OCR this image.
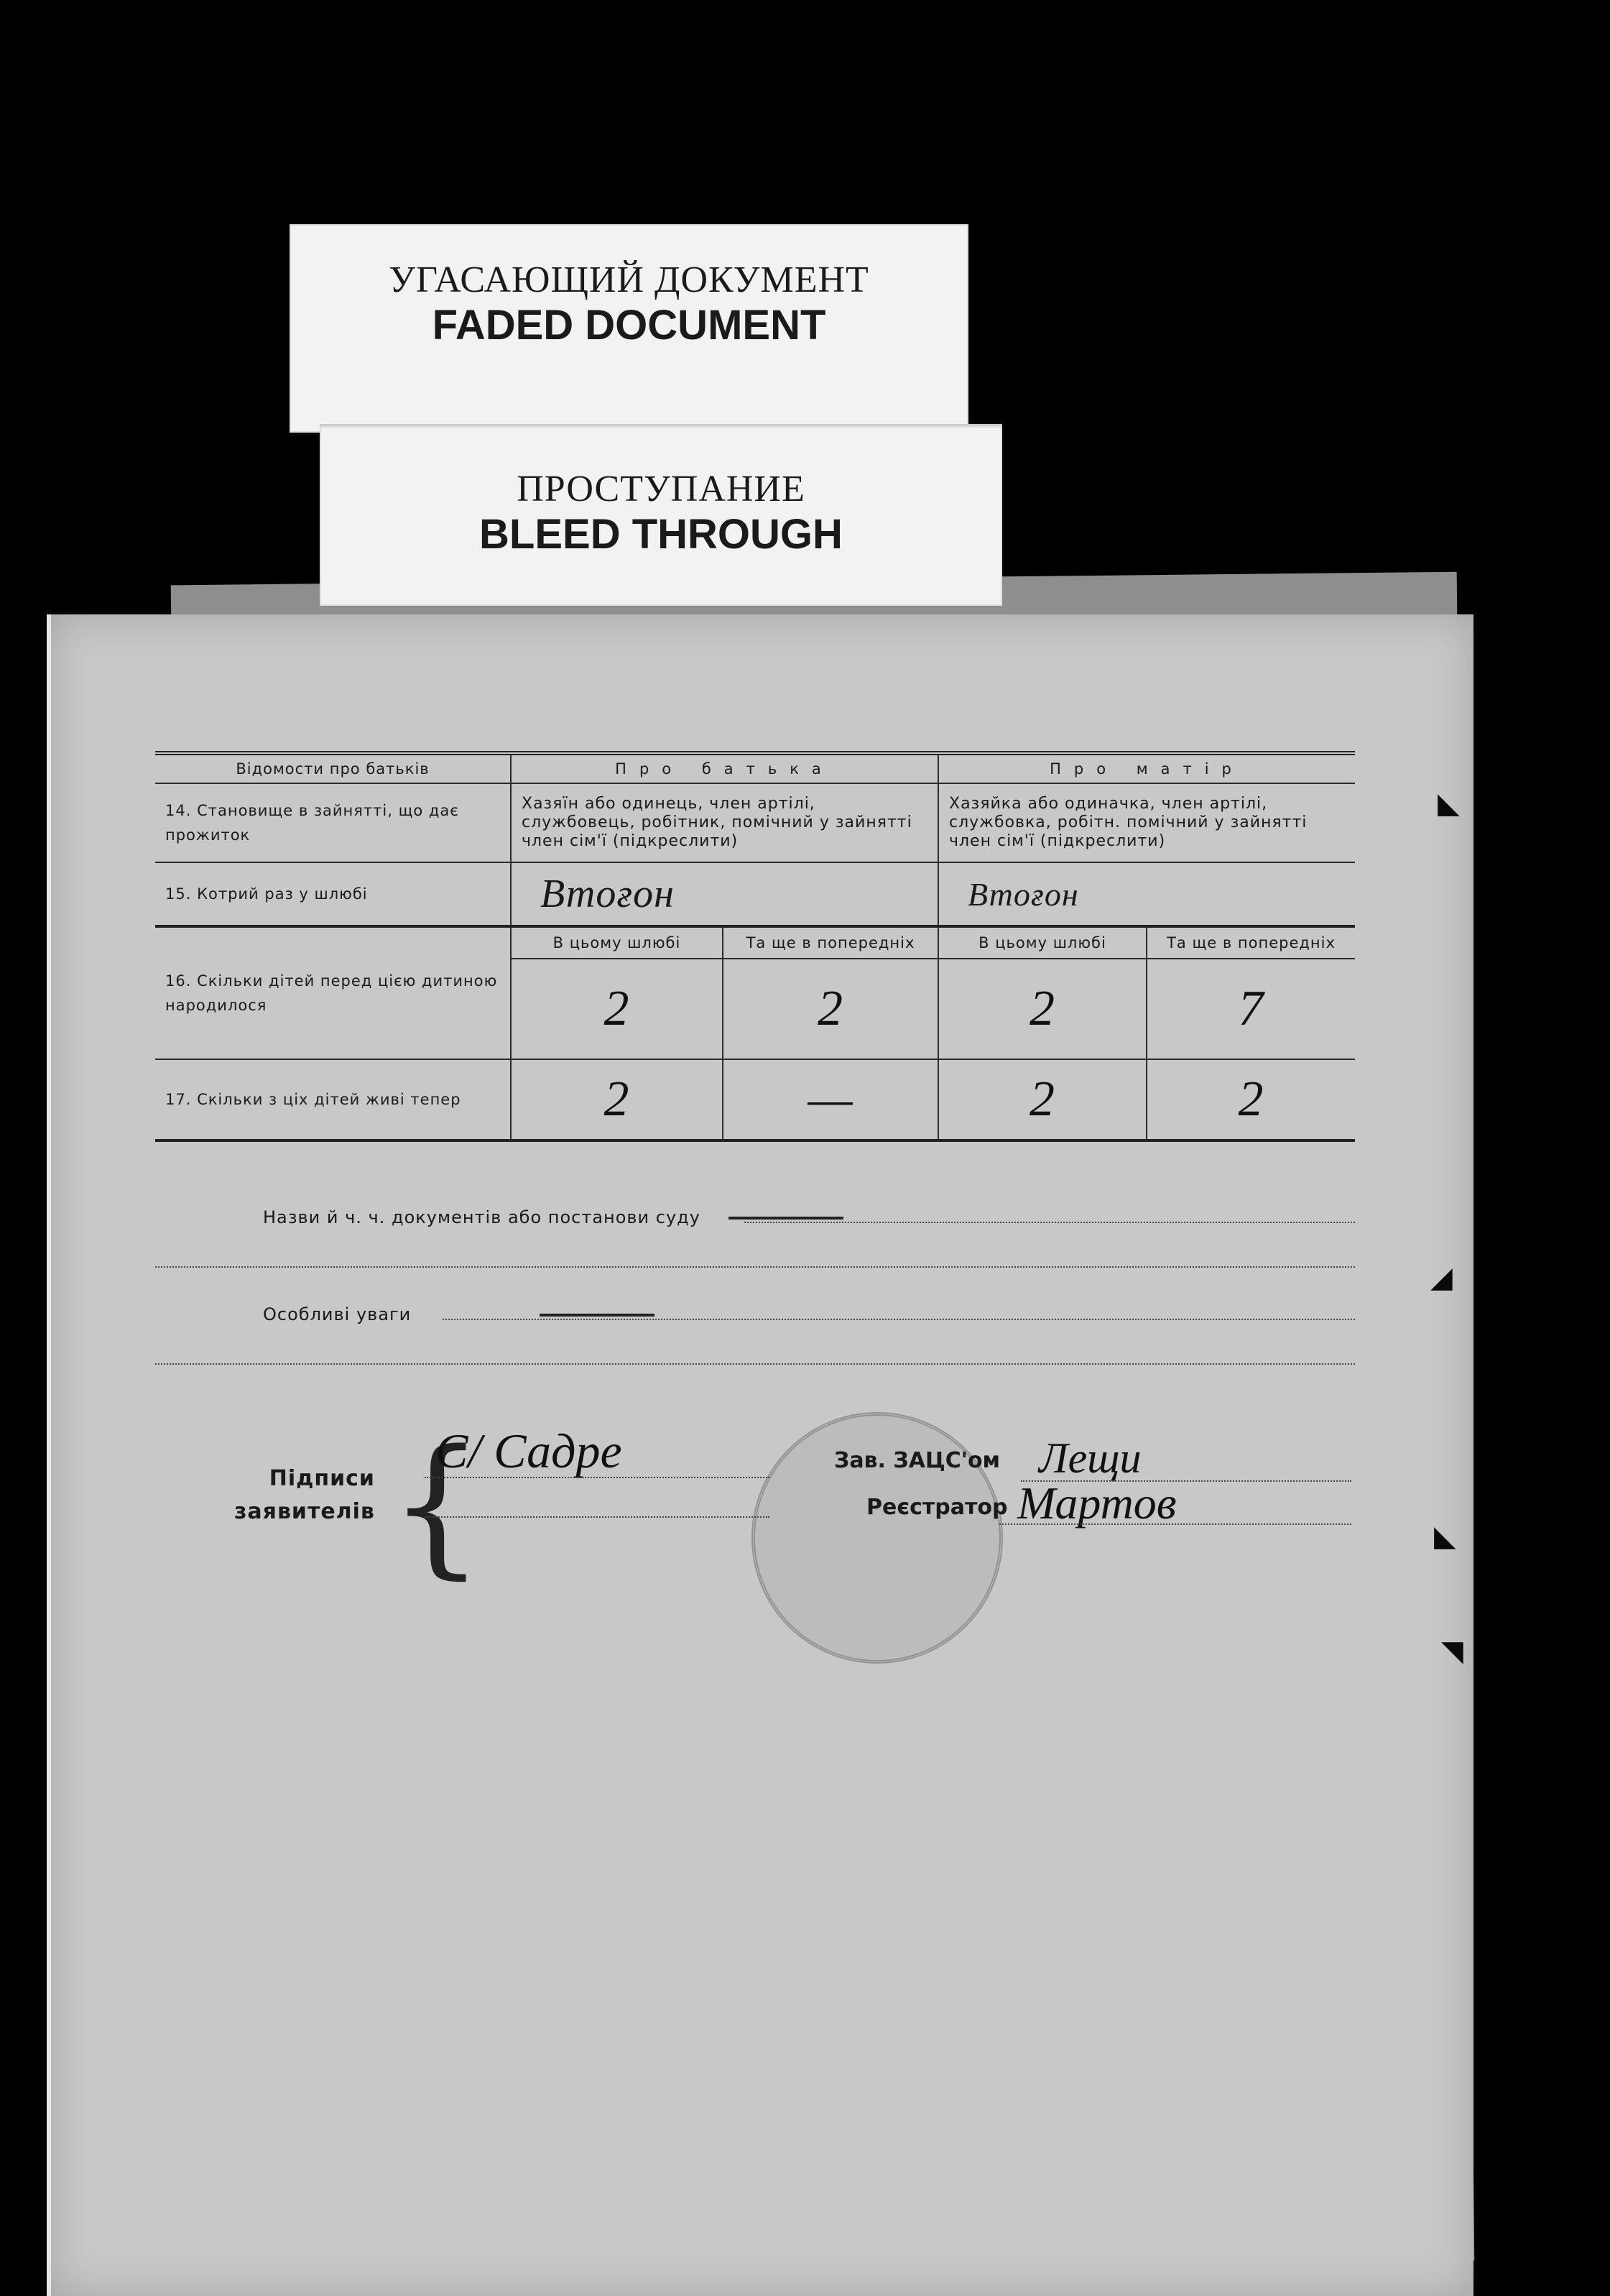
УГАСАЮЩИЙ ДОКУМЕНТ
FADED DOCUMENT
ПРОСТУПАНИЕ
BLEED THROUGH
Відомости про батьків	Про батька		Про матір	
14. Становище в зайнятті, що дає прожиток	Хазяїн або одинець, член артілі, службовець, робітник, помічний у зайнятті член сім'ї (підкреслити)		Хазяйка або одиначка, член артілі, службовка, робітн. помічний у зайнятті член сім'ї (підкреслити)	
15. Котрий раз у шлюбі	Втоғон		Втоғон	
16. Скільки дітей перед цією дитиною народилося	В цьому шлюбі	Та ще в попередніх	В цьому шлюбі	Та ще в попередніх
	2	2	2	7
17. Скільки з ціх дітей живі тепер	2	—	2	2
Назви й ч. ч. документів або постанови суду
Особливі уваги
Підписи
заявителів {
С/ Садре	Зав. ЗАЦС'ом Лещи
Реєстратор Мартов
◣
◢
◣
◥
